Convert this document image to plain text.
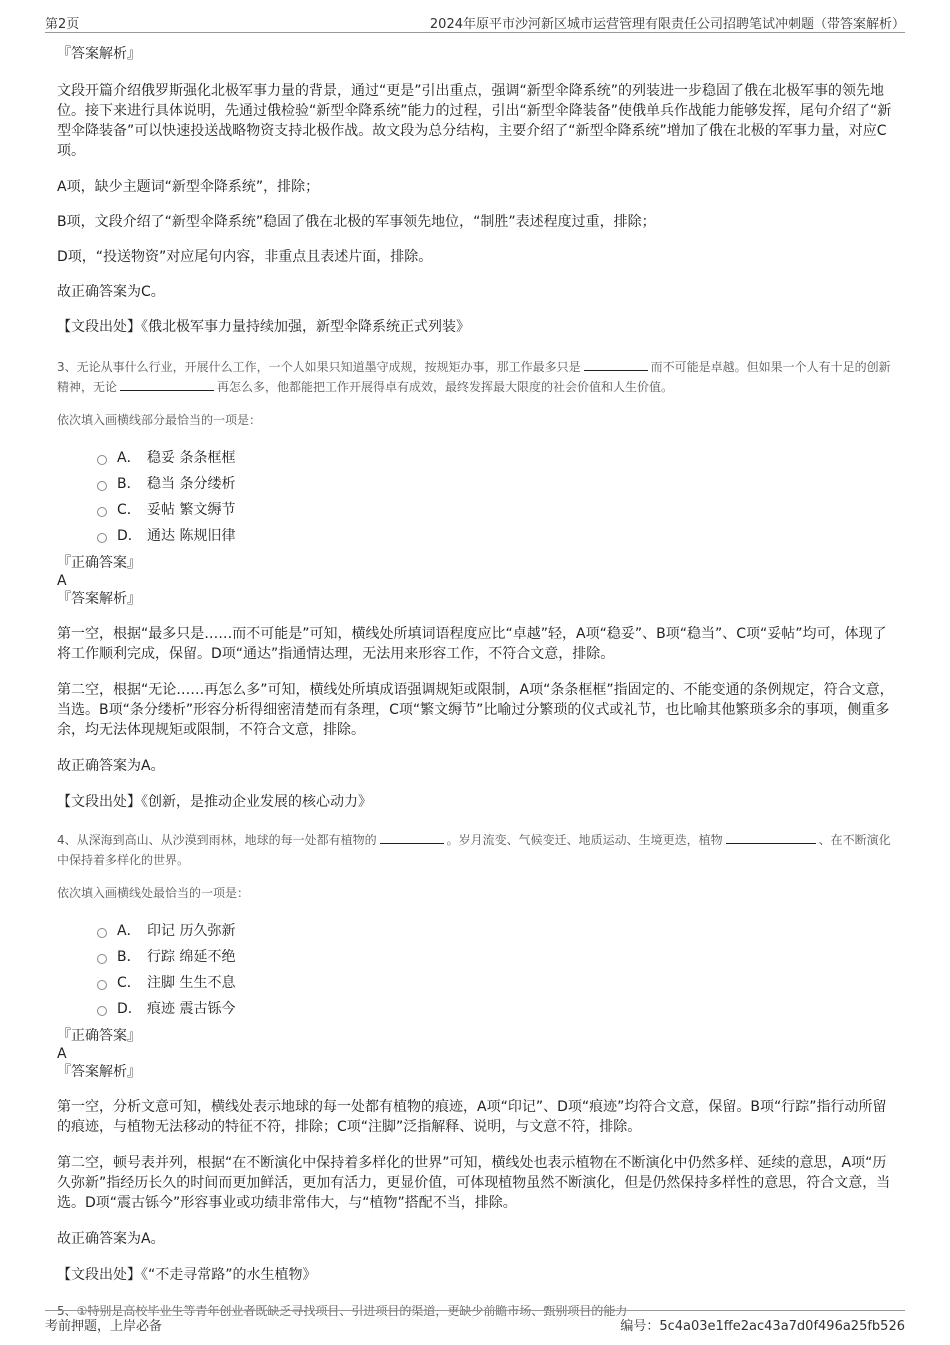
第2页	2024年原平市沙河新区城市运营管理有限责任公司招聘笔试冲刺题（带答案解析）

『答案解析』

文段开篇介绍俄罗斯强化北极军事力量的背景，通过“更是”引出重点，强调“新型伞降系统”的列装进一步稳固了俄在北极军事的领先地位。接下来进行具体说明，先通过俄检验“新型伞降系统”能力的过程，引出“新型伞降装备”使俄单兵作战能力能够发挥，尾句介绍了“新型伞降装备”可以快速投送战略物资支持北极作战。故文段为总分结构，主要介绍了“新型伞降系统”增加了俄在北极的军事力量，对应C项。

A项，缺少主题词“新型伞降系统”，排除；

B项，文段介绍了“新型伞降系统”稳固了俄在北极的军事领先地位，“制胜”表述程度过重，排除；

D项，“投送物资”对应尾句内容，非重点且表述片面，排除。

故正确答案为C。

【文段出处】《俄北极军事力量持续加强，新型伞降系统正式列装》

3、无论从事什么行业，开展什么工作，一个人如果只知道墨守成规，按规矩办事，那工作最多只是	而不可能是卓越。但如果一个人有十足的创新精神，无论	再怎么多，他都能把工作开展得卓有成效，最终发挥最大限度的社会价值和人生价值。

依次填入画横线部分最恰当的一项是：

A． 稳妥 条条框框
B． 稳当 条分缕析
C． 妥帖 繁文缛节
D． 通达 陈规旧律

『正确答案』

A

『答案解析』

第一空，根据“最多只是……而不可能是”可知，横线处所填词语程度应比“卓越”轻，A项“稳妥”、B项“稳当”、C项“妥帖”均可，体现了将工作顺利完成，保留。D项“通达”指通情达理，无法用来形容工作，不符合文意，排除。

第二空，根据“无论……再怎么多”可知，横线处所填成语强调规矩或限制，A项“条条框框”指固定的、不能变通的条例规定，符合文意，当选。B项“条分缕析”形容分析得细密清楚而有条理，C项“繁文缛节”比喻过分繁琐的仪式或礼节，也比喻其他繁琐多余的事项，侧重多余，均无法体现规矩或限制，不符合文意，排除。

故正确答案为A。

【文段出处】《创新，是推动企业发展的核心动力》

4、从深海到高山、从沙漠到雨林，地球的每一处都有植物的	。岁月流变、气候变迁、地质运动、生境更迭，植物	、在不断演化中保持着多样化的世界。

依次填入画横线处最恰当的一项是：

A． 印记 历久弥新
B． 行踪 绵延不绝
C． 注脚 生生不息
D． 痕迹 震古铄今

『正确答案』

A

『答案解析』

第一空，分析文意可知，横线处表示地球的每一处都有植物的痕迹，A项“印记”、D项“痕迹”均符合文意，保留。B项“行踪”指行动所留的痕迹，与植物无法移动的特征不符，排除；C项“注脚”泛指解释、说明，与文意不符，排除。

第二空，顿号表并列，根据“在不断演化中保持着多样化的世界”可知，横线处也表示植物在不断演化中仍然多样、延续的意思，A项“历久弥新”指经历长久的时间而更加鲜活，更加有活力，更显价值，可体现植物虽然不断演化，但是仍然保持多样性的意思，符合文意，当选。D项“震古铄今”形容事业或功绩非常伟大，与“植物”搭配不当，排除。

故正确答案为A。

【文段出处】《“不走寻常路”的水生植物》

5、①特别是高校毕业生等青年创业者既缺乏寻找项目、引进项目的渠道，更缺少前瞻市场、甄别项目的能力

考前押题，上岸必备	编号：5c4a03e1ffe2ac43a7d0f496a25fb526
